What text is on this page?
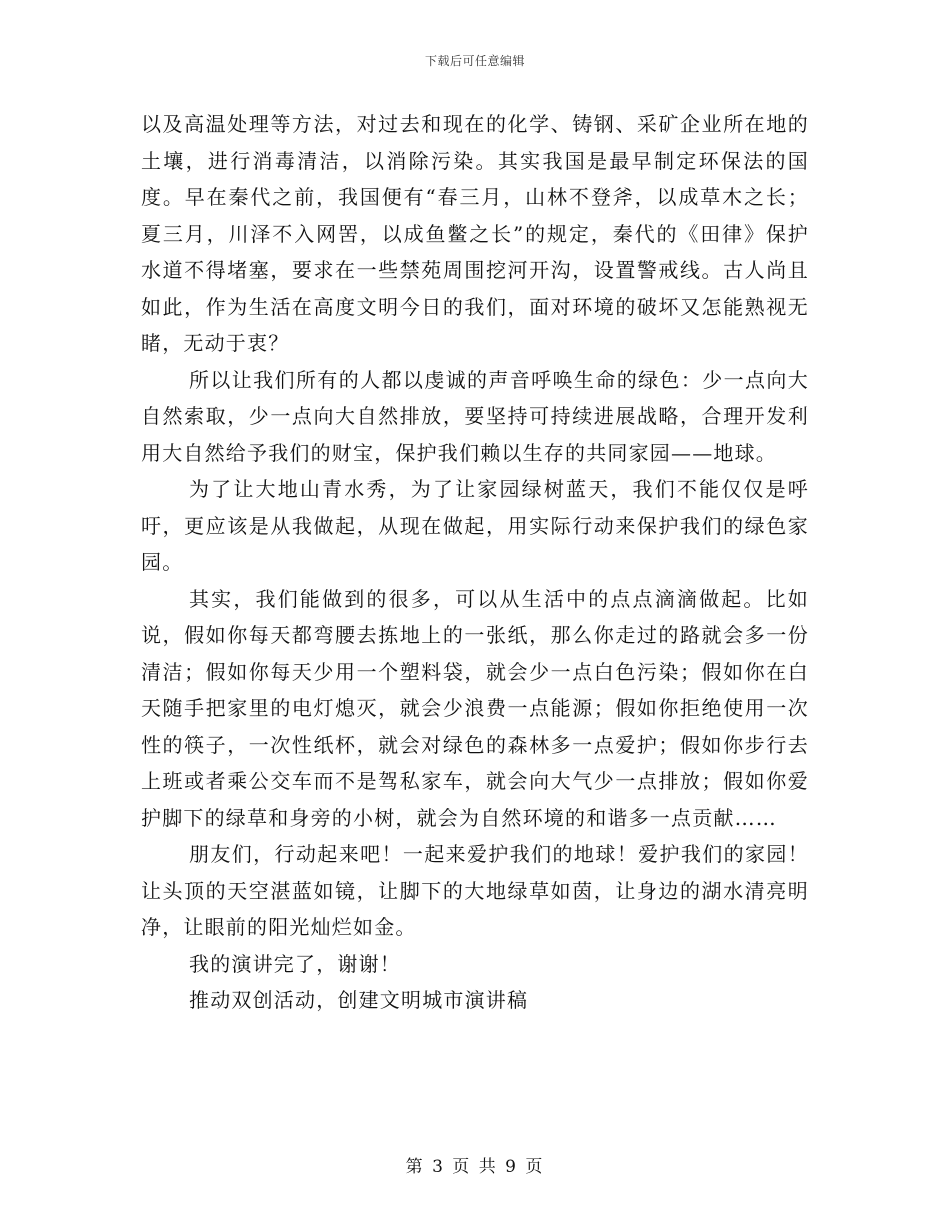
下载后可任意编辑

以及高温处理等方法，对过去和现在的化学、铸钢、采矿企业所在地的土壤，进行消毒清洁，以消除污染。其实我国是最早制定环保法的国度。早在秦代之前，我国便有“春三月，山林不登斧，以成草木之长；夏三月，川泽不入网罟，以成鱼鳖之长”的规定，秦代的《田律》保护水道不得堵塞，要求在一些禁苑周围挖河开沟，设置警戒线。古人尚且如此，作为生活在高度文明今日的我们，面对环境的破坏又怎能熟视无睹，无动于衷？

所以让我们所有的人都以虔诚的声音呼唤生命的绿色：少一点向大自然索取，少一点向大自然排放，要坚持可持续进展战略，合理开发利用大自然给予我们的财宝，保护我们赖以生存的共同家园——地球。

为了让大地山青水秀，为了让家园绿树蓝天，我们不能仅仅是呼吁，更应该是从我做起，从现在做起，用实际行动来保护我们的绿色家园。

其实，我们能做到的很多，可以从生活中的点点滴滴做起。比如说，假如你每天都弯腰去拣地上的一张纸，那么你走过的路就会多一份清洁；假如你每天少用一个塑料袋，就会少一点白色污染；假如你在白天随手把家里的电灯熄灭，就会少浪费一点能源；假如你拒绝使用一次性的筷子，一次性纸杯，就会对绿色的森林多一点爱护；假如你步行去上班或者乘公交车而不是驾私家车，就会向大气少一点排放；假如你爱护脚下的绿草和身旁的小树，就会为自然环境的和谐多一点贡献……

朋友们，行动起来吧！一起来爱护我们的地球！爱护我们的家园！让头顶的天空湛蓝如镜，让脚下的大地绿草如茵，让身边的湖水清亮明净，让眼前的阳光灿烂如金。

我的演讲完了，谢谢！

推动双创活动，创建文明城市演讲稿

第 3 页 共 9 页
